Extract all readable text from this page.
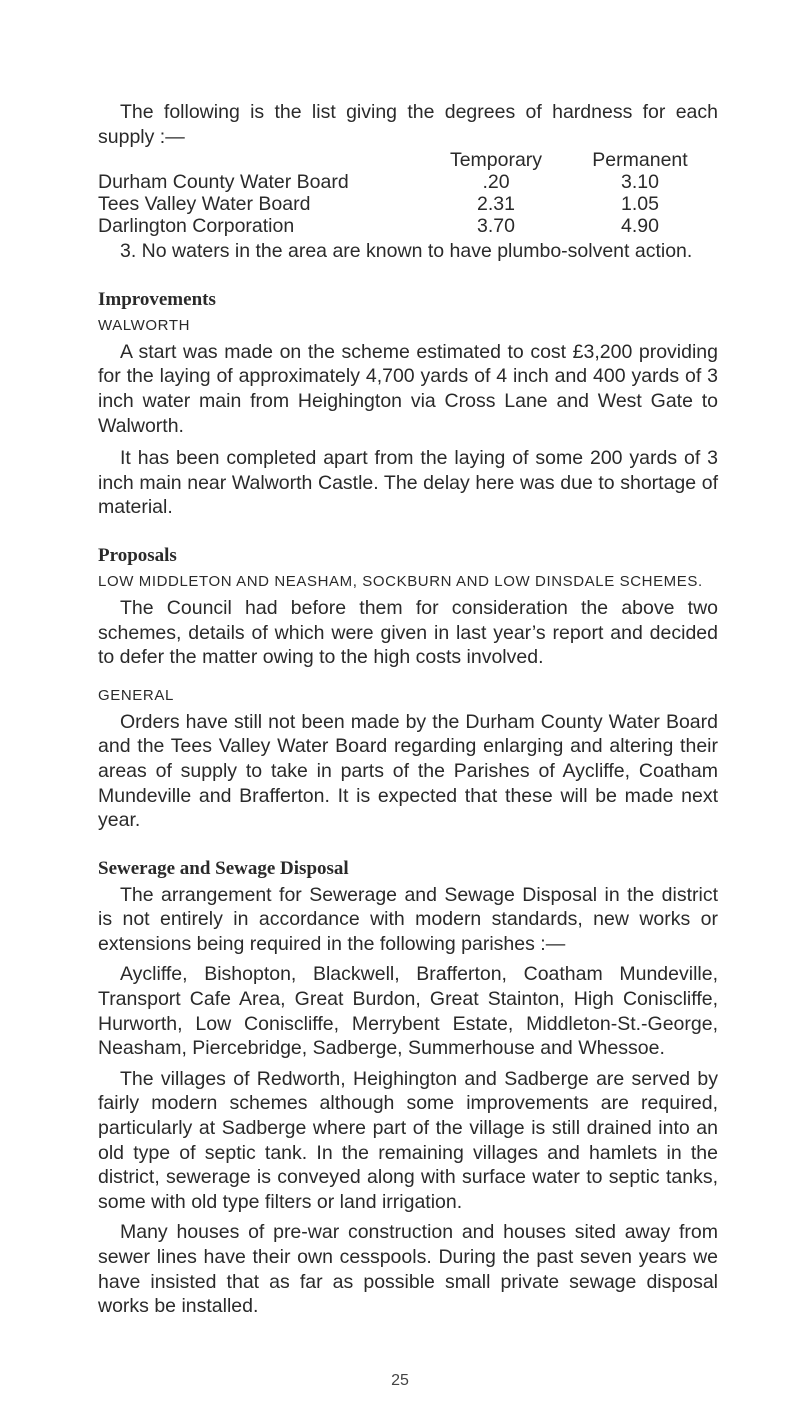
The following is the list giving the degrees of hardness for each supply :—

	Temporary	Permanent
Durham County Water Board	.20	3.10
Tees Valley Water Board	2.31	1.05
Darlington Corporation	3.70	4.90

3. No waters in the area are known to have plumbo-solvent action.

Improvements
WALWORTH

A start was made on the scheme estimated to cost £3,200 providing for the laying of approximately 4,700 yards of 4 inch and 400 yards of 3 inch water main from Heighington via Cross Lane and West Gate to Walworth.

It has been completed apart from the laying of some 200 yards of 3 inch main near Walworth Castle. The delay here was due to shortage of material.

Proposals
LOW MIDDLETON AND NEASHAM, SOCKBURN AND LOW DINSDALE SCHEMES.

The Council had before them for consideration the above two schemes, details of which were given in last year’s report and decided to defer the matter owing to the high costs involved.

GENERAL

Orders have still not been made by the Durham County Water Board and the Tees Valley Water Board regarding enlarging and altering their areas of supply to take in parts of the Parishes of Aycliffe, Coatham Mundeville and Brafferton. It is expected that these will be made next year.

Sewerage and Sewage Disposal

The arrangement for Sewerage and Sewage Disposal in the district is not entirely in accordance with modern standards, new works or extensions being required in the following parishes :—

Aycliffe, Bishopton, Blackwell, Brafferton, Coatham Mundeville, Transport Cafe Area, Great Burdon, Great Stainton, High Coniscliffe, Hurworth, Low Coniscliffe, Merrybent Estate, Middleton-St.-George, Neasham, Piercebridge, Sadberge, Summerhouse and Whessoe.

The villages of Redworth, Heighington and Sadberge are served by fairly modern schemes although some improvements are required, particularly at Sadberge where part of the village is still drained into an old type of septic tank. In the remaining villages and hamlets in the district, sewerage is conveyed along with surface water to septic tanks, some with old type filters or land irrigation.

Many houses of pre-war construction and houses sited away from sewer lines have their own cesspools. During the past seven years we have insisted that as far as possible small private sewage disposal works be installed.

25
